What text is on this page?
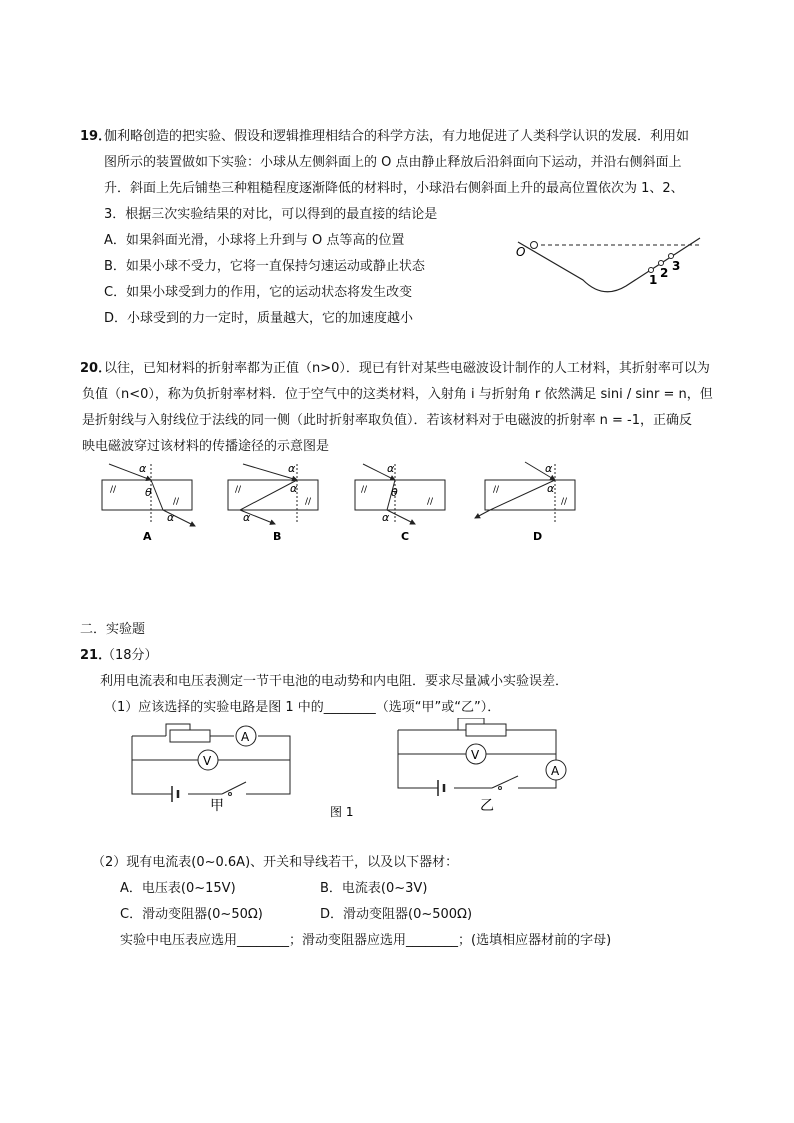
19．
伽利略创造的把实验、假设和逻辑推理相结合的科学方法，有力地促进了人类科学认识的发展．利用如
图所示的装置做如下实验：小球从左侧斜面上的 O 点由静止释放后沿斜面向下运动，并沿右侧斜面上
升．斜面上先后铺垫三种粗糙程度逐渐降低的材料时，小球沿右侧斜面上升的最高位置依次为 1、2、
3．根据三次实验结果的对比，可以得到的最直接的结论是
A．如果斜面光滑，小球将上升到与 O 点等高的位置
B．如果小球不受力，它将一直保持匀速运动或静止状态
C．如果小球受到力的作用，它的运动状态将发生改变
D．小球受到的力一定时，质量越大，它的加速度越小
O
1 2 3
20．
以往，已知材料的折射率都为正值（n>0）．现已有针对某些电磁波设计制作的人工材料，其折射率可以为
负值（n<0），称为负折射率材料．位于空气中的这类材料，入射角 i 与折射角 r 依然满足 sini / sinr = n，但
是折射线与入射线位于法线的同一侧（此时折射率取负值）．若该材料对于电磁波的折射率 n = -1，正确反
映电磁波穿过该材料的传播途径的示意图是
α
θ
α
//
//
α
α
α
//
//
α
θ
α
//
//
α
α
//
//
A	B	C	D
二．实验题
21．
（18分）
利用电流表和电压表测定一节干电池的电动势和内电阻．要求尽量减小实验误差．
（1）应该选择的实验电路是图 1 中的________（选项“甲”或“乙”）．
A
V
甲
V
A
乙
图 1
（2）现有电流表(0~0.6A)、开关和导线若干，以及以下器材：
A．电压表(0~15V)	B．电流表(0~3V)
C．滑动变阻器(0~50Ω)	D．滑动变阻器(0~500Ω)
实验中电压表应选用________；滑动变阻器应选用________；(选填相应器材前的字母)
